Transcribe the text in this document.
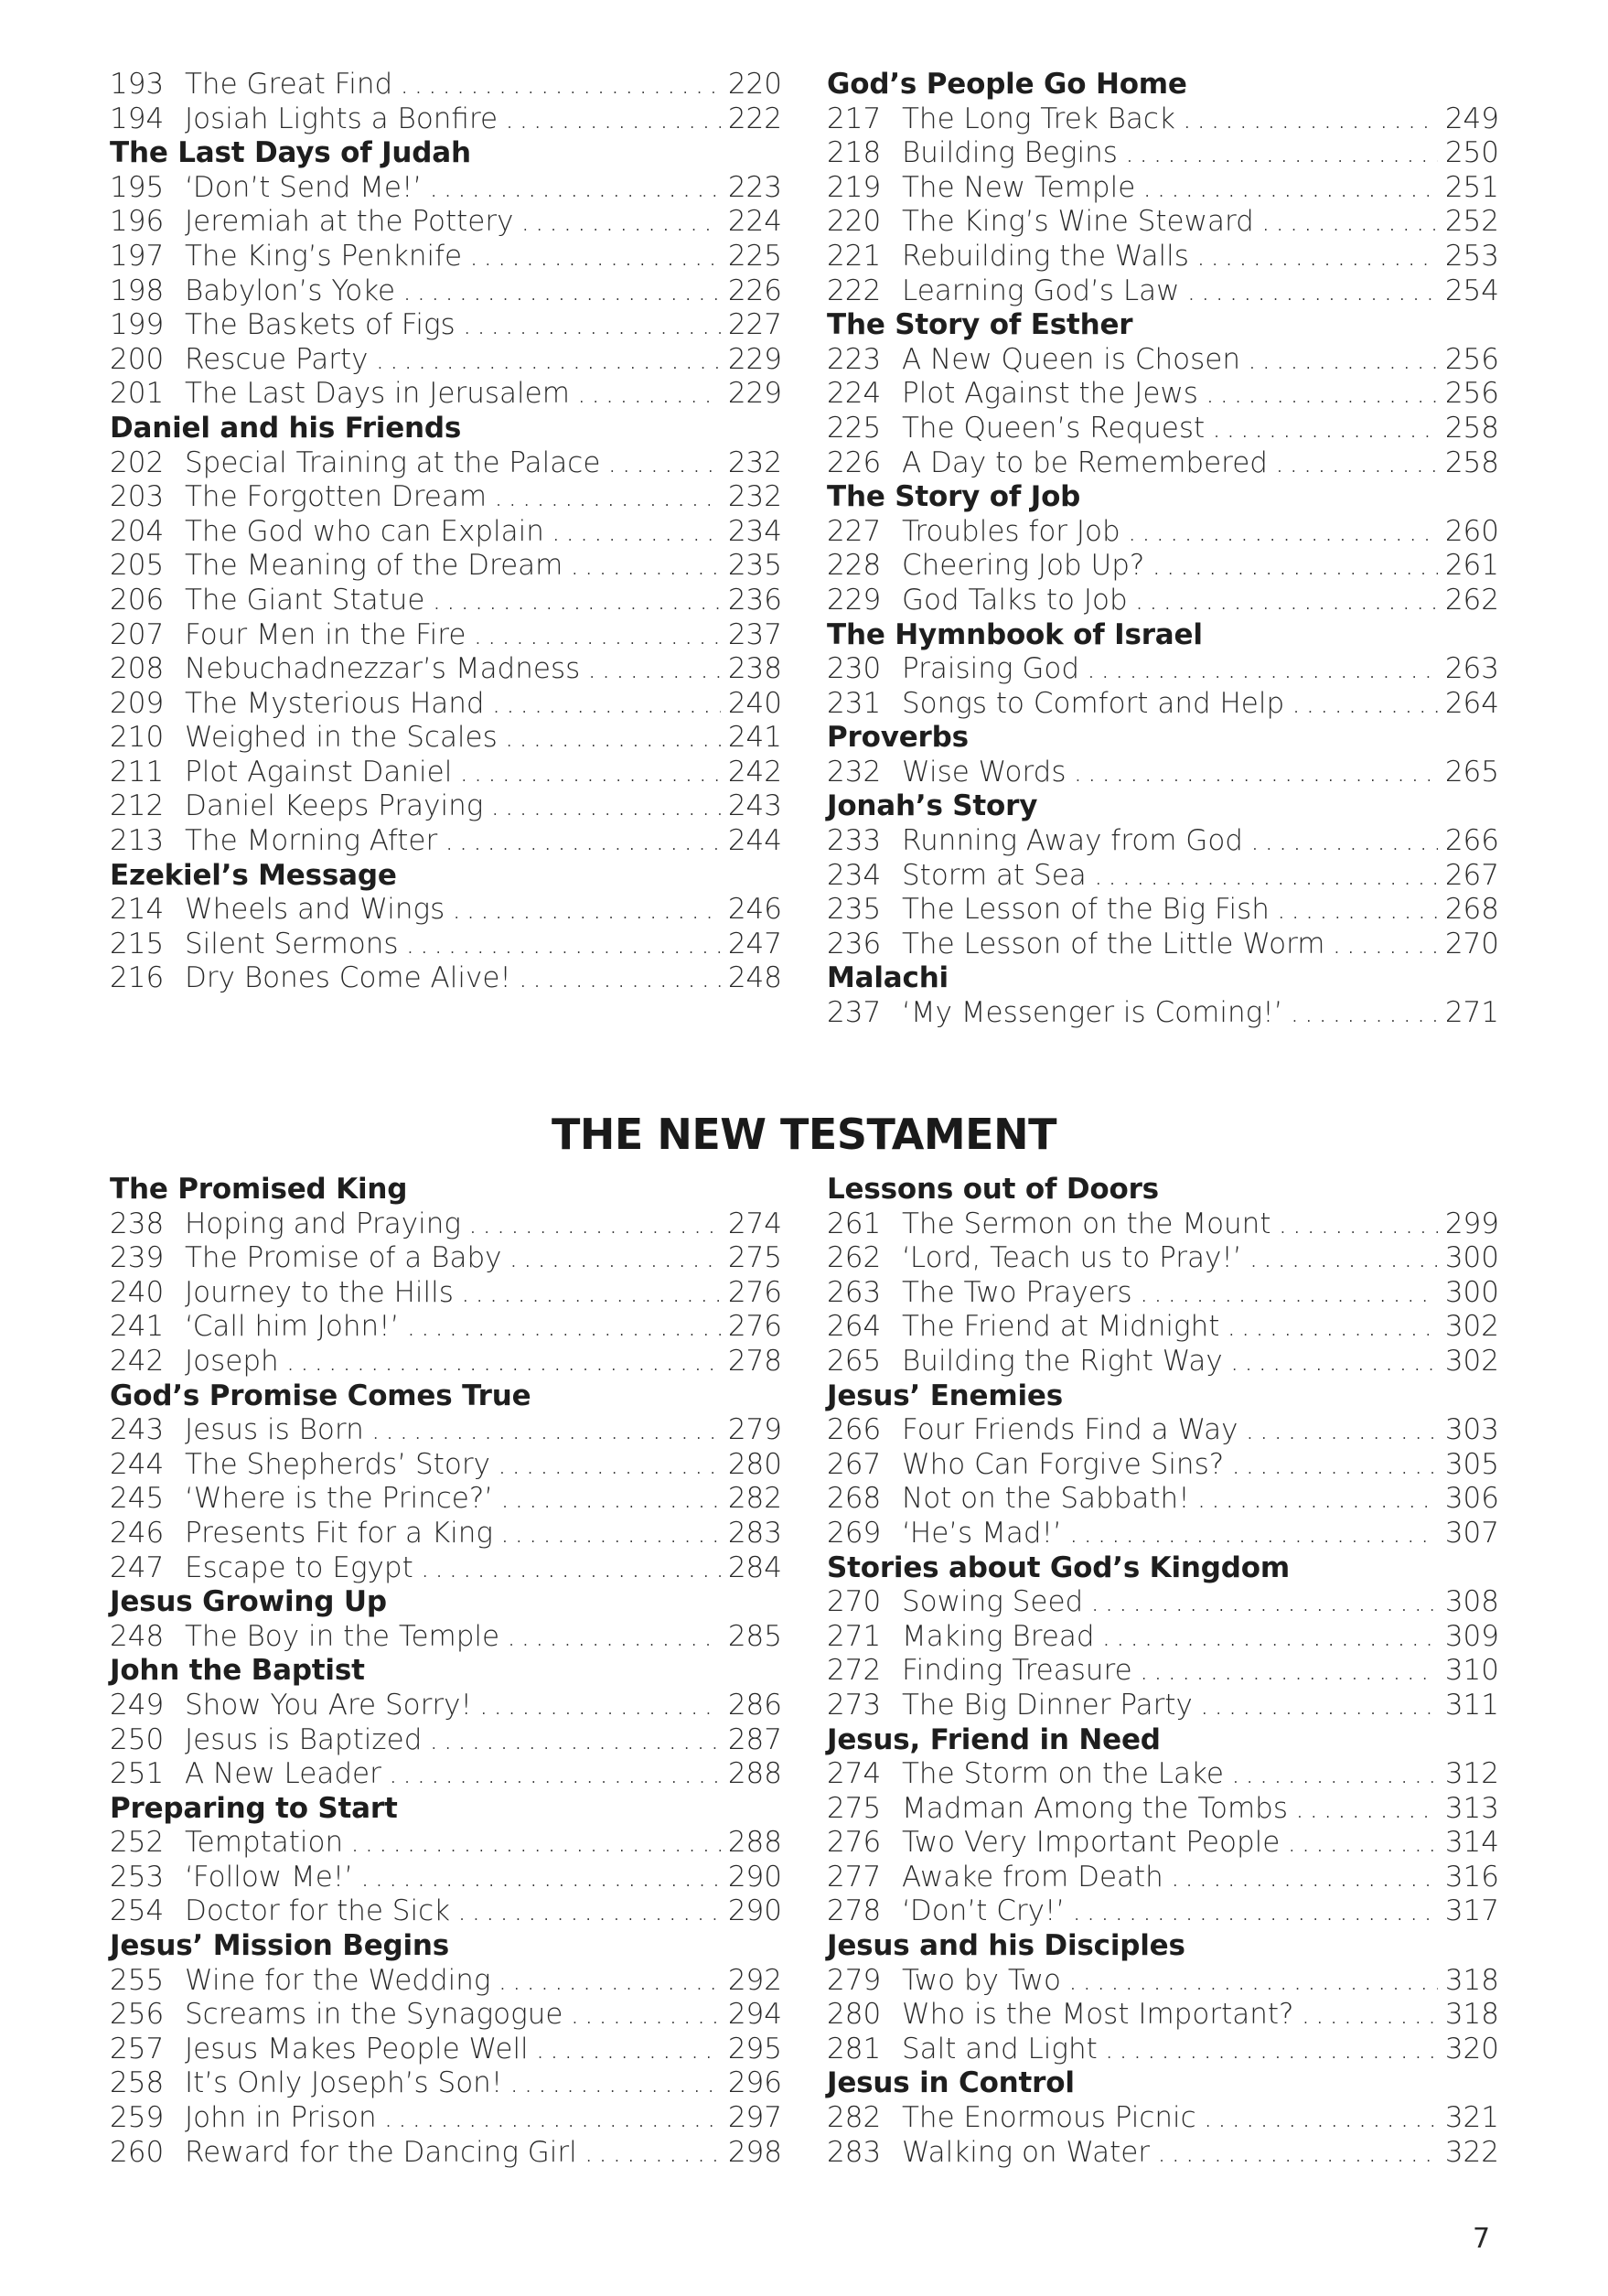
193 The Great Find .....	220
194 Josiah Lights a Bonfire .....	222
The Last Days of Judah
195 ‘Don’t Send Me!’ .....	223
196 Jeremiah at the Pottery .....	224
197 The King’s Penknife .....	225
198 Babylon’s Yoke .....	226
199 The Baskets of Figs .....	227
200 Rescue Party .....	229
201 The Last Days in Jerusalem .....	229
Daniel and his Friends
202 Special Training at the Palace .....	232
203 The Forgotten Dream .....	232
204 The God who can Explain .....	234
205 The Meaning of the Dream .....	235
206 The Giant Statue .....	236
207 Four Men in the Fire .....	237
208 Nebuchadnezzar’s Madness .....	238
209 The Mysterious Hand .....	240
210 Weighed in the Scales .....	241
211 Plot Against Daniel .....	242
212 Daniel Keeps Praying .....	243
213 The Morning After .....	244
Ezekiel’s Message
214 Wheels and Wings .....	246
215 Silent Sermons .....	247
216 Dry Bones Come Alive! .....	248
God’s People Go Home
217 The Long Trek Back .....	249
218 Building Begins .....	250
219 The New Temple .....	251
220 The King’s Wine Steward .....	252
221 Rebuilding the Walls .....	253
222 Learning God’s Law .....	254
The Story of Esther
223 A New Queen is Chosen .....	256
224 Plot Against the Jews .....	256
225 The Queen’s Request .....	258
226 A Day to be Remembered .....	258
The Story of Job
227 Troubles for Job .....	260
228 Cheering Job Up? .....	261
229 God Talks to Job .....	262
The Hymnbook of Israel
230 Praising God .....	263
231 Songs to Comfort and Help .....	264
Proverbs
232 Wise Words .....	265
Jonah’s Story
233 Running Away from God .....	266
234 Storm at Sea .....	267
235 The Lesson of the Big Fish .....	268
236 The Lesson of the Little Worm .....	270
Malachi
237 ‘My Messenger is Coming!’ .....	271
THE NEW TESTAMENT
The Promised King
238 Hoping and Praying .....	274
239 The Promise of a Baby .....	275
240 Journey to the Hills .....	276
241 ‘Call him John!’ .....	276
242 Joseph .....	278
God’s Promise Comes True
243 Jesus is Born .....	279
244 The Shepherds’ Story .....	280
245 ‘Where is the Prince?’ .....	282
246 Presents Fit for a King .....	283
247 Escape to Egypt .....	284
Jesus Growing Up
248 The Boy in the Temple .....	285
John the Baptist
249 Show You Are Sorry! .....	286
250 Jesus is Baptized .....	287
251 A New Leader .....	288
Preparing to Start
252 Temptation .....	288
253 ‘Follow Me!’ .....	290
254 Doctor for the Sick .....	290
Jesus’ Mission Begins
255 Wine for the Wedding .....	292
256 Screams in the Synagogue .....	294
257 Jesus Makes People Well .....	295
258 It’s Only Joseph’s Son! .....	296
259 John in Prison .....	297
260 Reward for the Dancing Girl .....	298
Lessons out of Doors
261 The Sermon on the Mount .....	299
262 ‘Lord, Teach us to Pray!’ .....	300
263 The Two Prayers .....	300
264 The Friend at Midnight .....	302
265 Building the Right Way .....	302
Jesus’ Enemies
266 Four Friends Find a Way .....	303
267 Who Can Forgive Sins? .....	305
268 Not on the Sabbath! .....	306
269 ‘He’s Mad!’ .....	307
Stories about God’s Kingdom
270 Sowing Seed .....	308
271 Making Bread .....	309
272 Finding Treasure .....	310
273 The Big Dinner Party .....	311
Jesus, Friend in Need
274 The Storm on the Lake .....	312
275 Madman Among the Tombs .....	313
276 Two Very Important People .....	314
277 Awake from Death .....	316
278 ‘Don’t Cry!’ .....	317
Jesus and his Disciples
279 Two by Two .....	318
280 Who is the Most Important? .....	318
281 Salt and Light .....	320
Jesus in Control
282 The Enormous Picnic .....	321
283 Walking on Water .....	322
7
